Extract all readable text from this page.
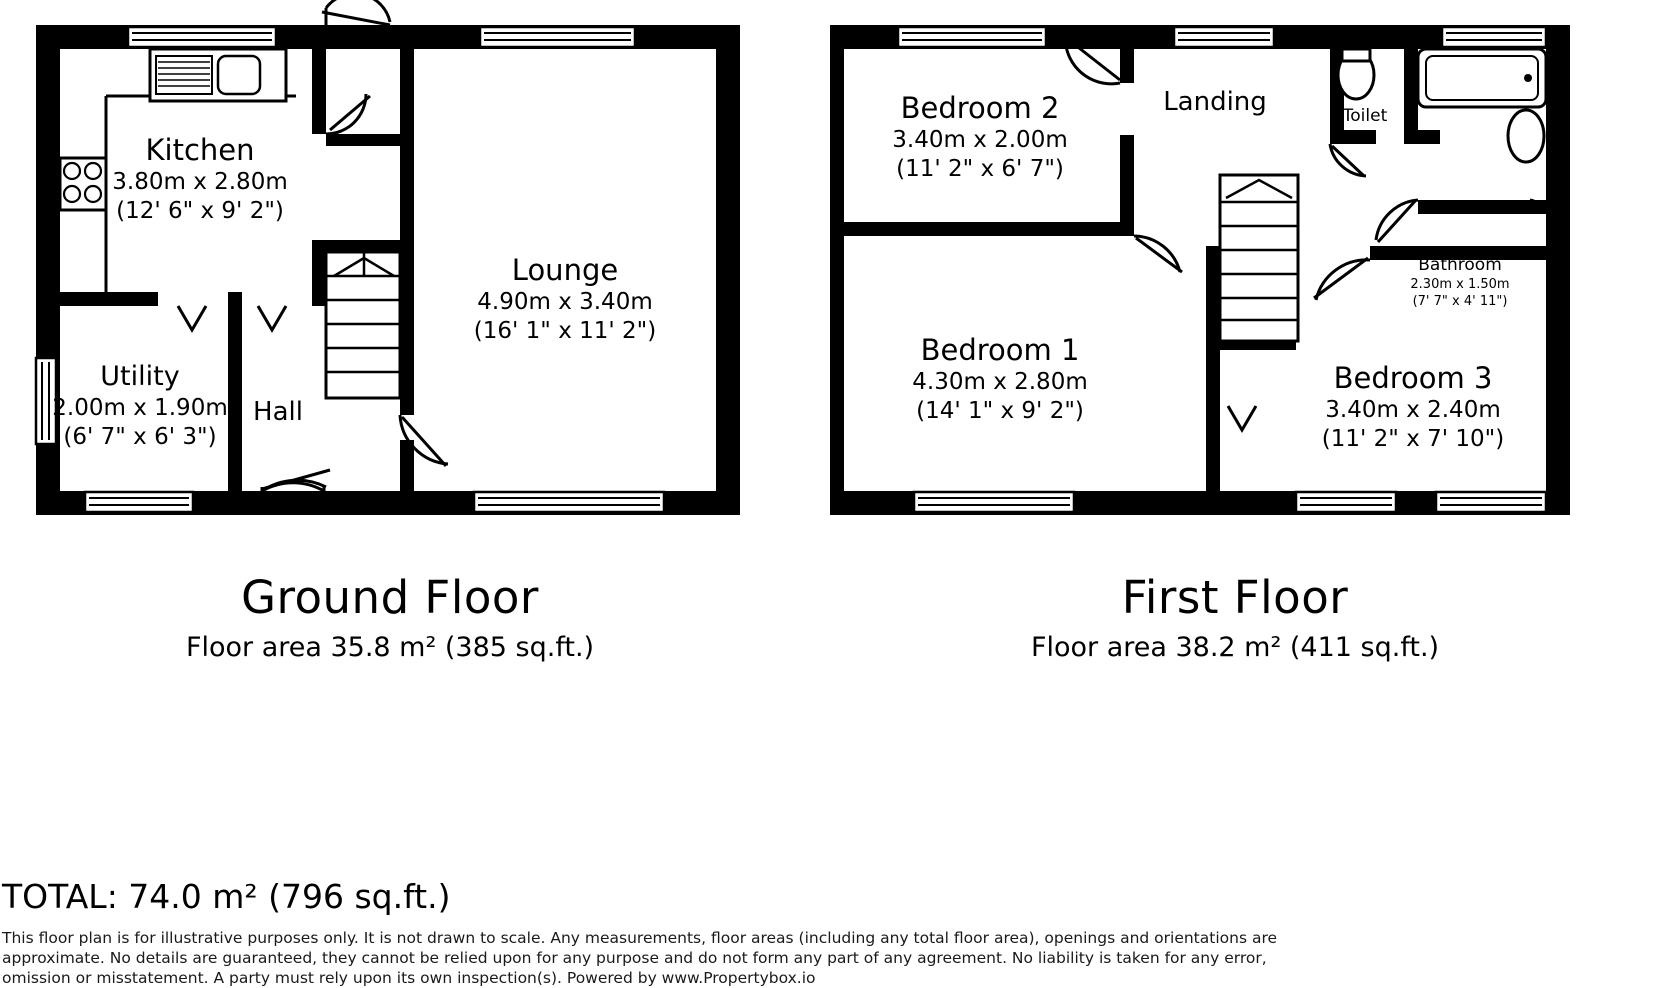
Kitchen
3.80m x 2.80m
(12' 6" x 9' 2")
Lounge
4.90m x 3.40m
(16' 1" x 11' 2")
Utility
2.00m x 1.90m
(6' 7" x 6' 3")
Hall
Bedroom 2
3.40m x 2.00m
(11' 2" x 6' 7")
Landing	Toilet
Bathroom
2.30m x 1.50m
(7' 7" x 4' 11")
Bedroom 1
4.30m x 2.80m
(14' 1" x 9' 2")
Bedroom 3
3.40m x 2.40m
(11' 2" x 7' 10")
Ground Floor
Floor area 35.8 m² (385 sq.ft.)
First Floor
Floor area 38.2 m² (411 sq.ft.)
TOTAL: 74.0 m² (796 sq.ft.)
This floor plan is for illustrative purposes only. It is not drawn to scale. Any measurements, floor areas (including any total floor area), openings and orientations are approximate. No details are guaranteed, they cannot be relied upon for any purpose and do not form any part of any agreement. No liability is taken for any error, omission or misstatement. A party must rely upon its own inspection(s). Powered by www.Propertybox.io
